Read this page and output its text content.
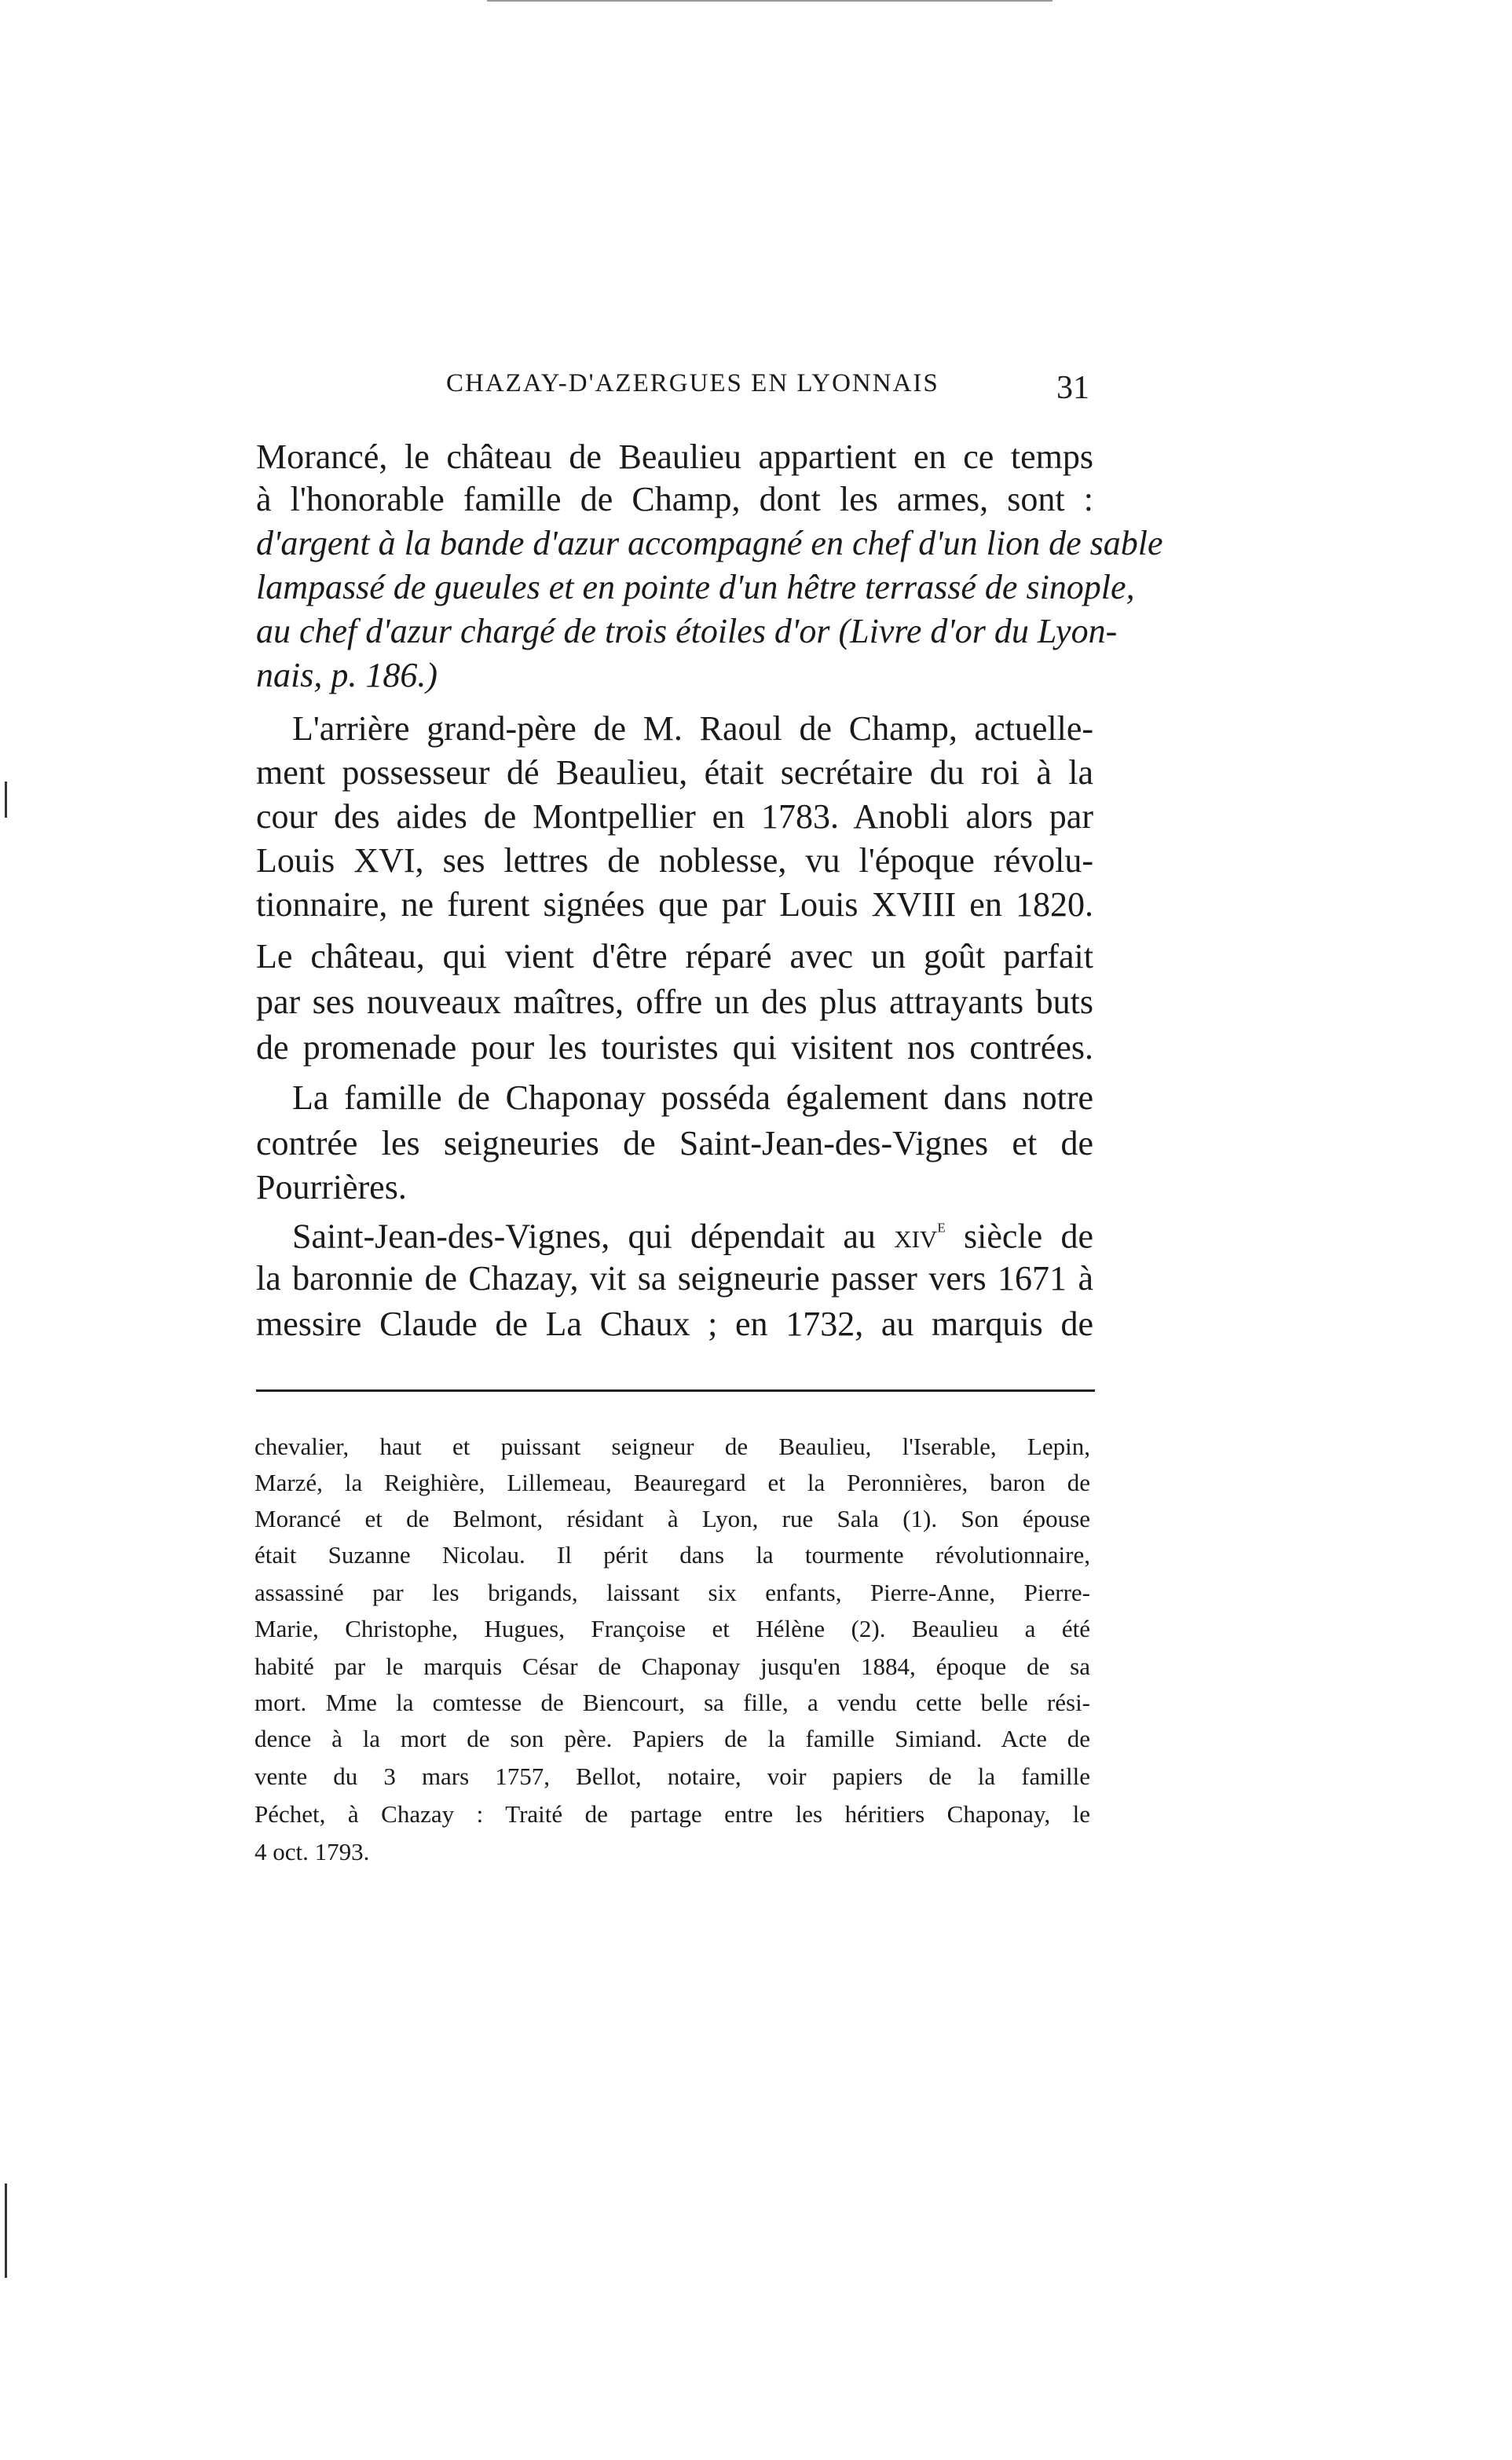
CHAZAY-D'AZERGUES EN LYONNAIS	31

Morancé, le château de Beaulieu appartient en ce temps

à l'honorable famille de Champ, dont les armes, sont :

d'argent à la bande d'azur accompagné en chef d'un lion de sable

lampassé de gueules et en pointe d'un hêtre terrassé de sinople,

au chef d'azur chargé de trois étoiles d'or (Livre d'or du Lyon-

nais, p. 186.)

L'arrière grand-père de M. Raoul de Champ, actuelle-

ment possesseur dé Beaulieu, était secrétaire du roi à la

cour des aides de Montpellier en 1783. Anobli alors par

Louis XVI, ses lettres de noblesse, vu l'époque révolu-

tionnaire, ne furent signées que par Louis XVIII en 1820.

Le château, qui vient d'être réparé avec un goût parfait

par ses nouveaux maîtres, offre un des plus attrayants buts

de promenade pour les touristes qui visitent nos contrées.

La famille de Chaponay posséda également dans notre

contrée les seigneuries de Saint-Jean-des-Vignes et de

Pourrières.

Saint-Jean-des-Vignes, qui dépendait au xiv$^e$ siècle de

la baronnie de Chazay, vit sa seigneurie passer vers 1671 à

messire Claude de La Chaux ; en 1732, au marquis de

chevalier, haut et puissant seigneur de Beaulieu, l'Iserable, Lepin,

Marzé, la Reighière, Lillemeau, Beauregard et la Peronnières, baron de

Morancé et de Belmont, résidant à Lyon, rue Sala (1). Son épouse

était Suzanne Nicolau. Il périt dans la tourmente révolutionnaire,

assassiné par les brigands, laissant six enfants, Pierre-Anne, Pierre-

Marie, Christophe, Hugues, Françoise et Hélène (2). Beaulieu a été

habité par le marquis César de Chaponay jusqu'en 1884, époque de sa

mort. Mme la comtesse de Biencourt, sa fille, a vendu cette belle rési-

dence à la mort de son père. Papiers de la famille Simiand. Acte de

vente du 3 mars 1757, Bellot, notaire, voir papiers de la famille

Péchet, à Chazay : Traité de partage entre les héritiers Chaponay, le

4 oct. 1793.
